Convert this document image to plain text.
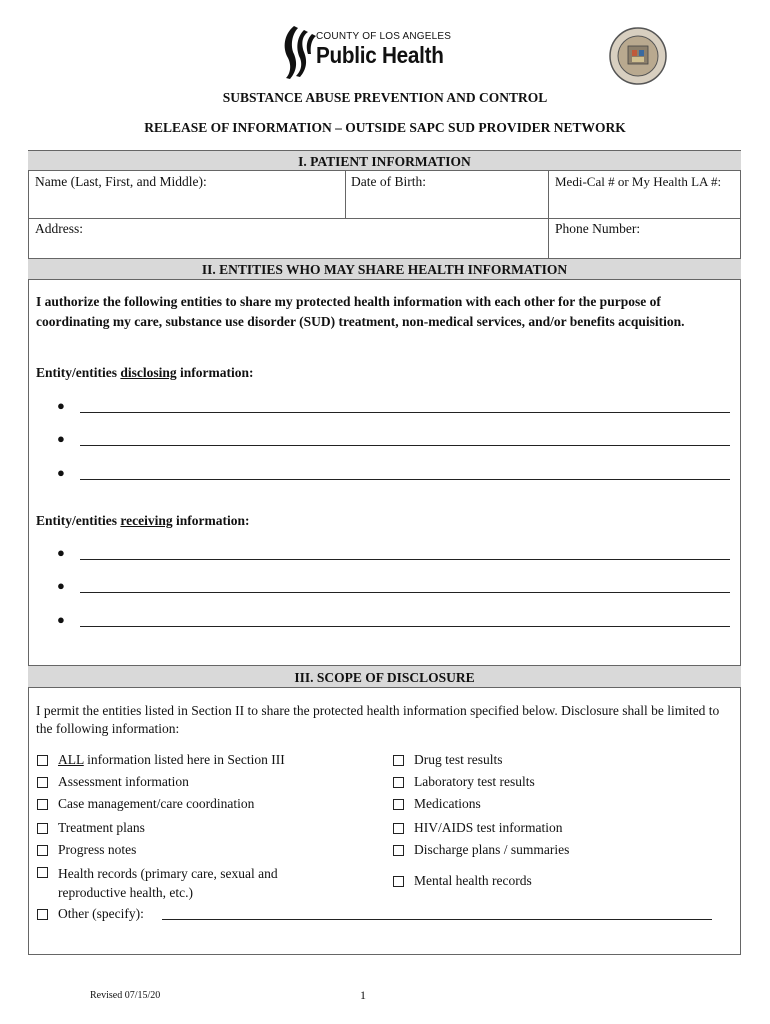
COUNTY OF LOS ANGELES
Public Health
SUBSTANCE ABUSE PREVENTION AND CONTROL
RELEASE OF INFORMATION – OUTSIDE SAPC SUD PROVIDER NETWORK
I. PATIENT INFORMATION
Name (Last, First, and Middle):	Date of Birth:	Medi-Cal # or My Health LA #:
Address:	Phone Number:
II. ENTITIES WHO MAY SHARE HEALTH INFORMATION
I authorize the following entities to share my protected health information with each other for the purpose of coordinating my care, substance use disorder (SUD) treatment, non-medical services, and/or benefits acquisition.
Entity/entities disclosing information:
●
●
●
Entity/entities receiving information:
●
●
●
III. SCOPE OF DISCLOSURE
I permit the entities listed in Section II to share the protected health information specified below. Disclosure shall be limited to the following information:
ALL information listed here in Section III
Assessment information
Case management/care coordination
Treatment plans
Progress notes
Health records (primary care, sexual and
reproductive health, etc.)
Other (specify):
Drug test results
Laboratory test results
Medications
HIV/AIDS test information
Discharge plans / summaries
Mental health records
Revised 07/15/20	1
